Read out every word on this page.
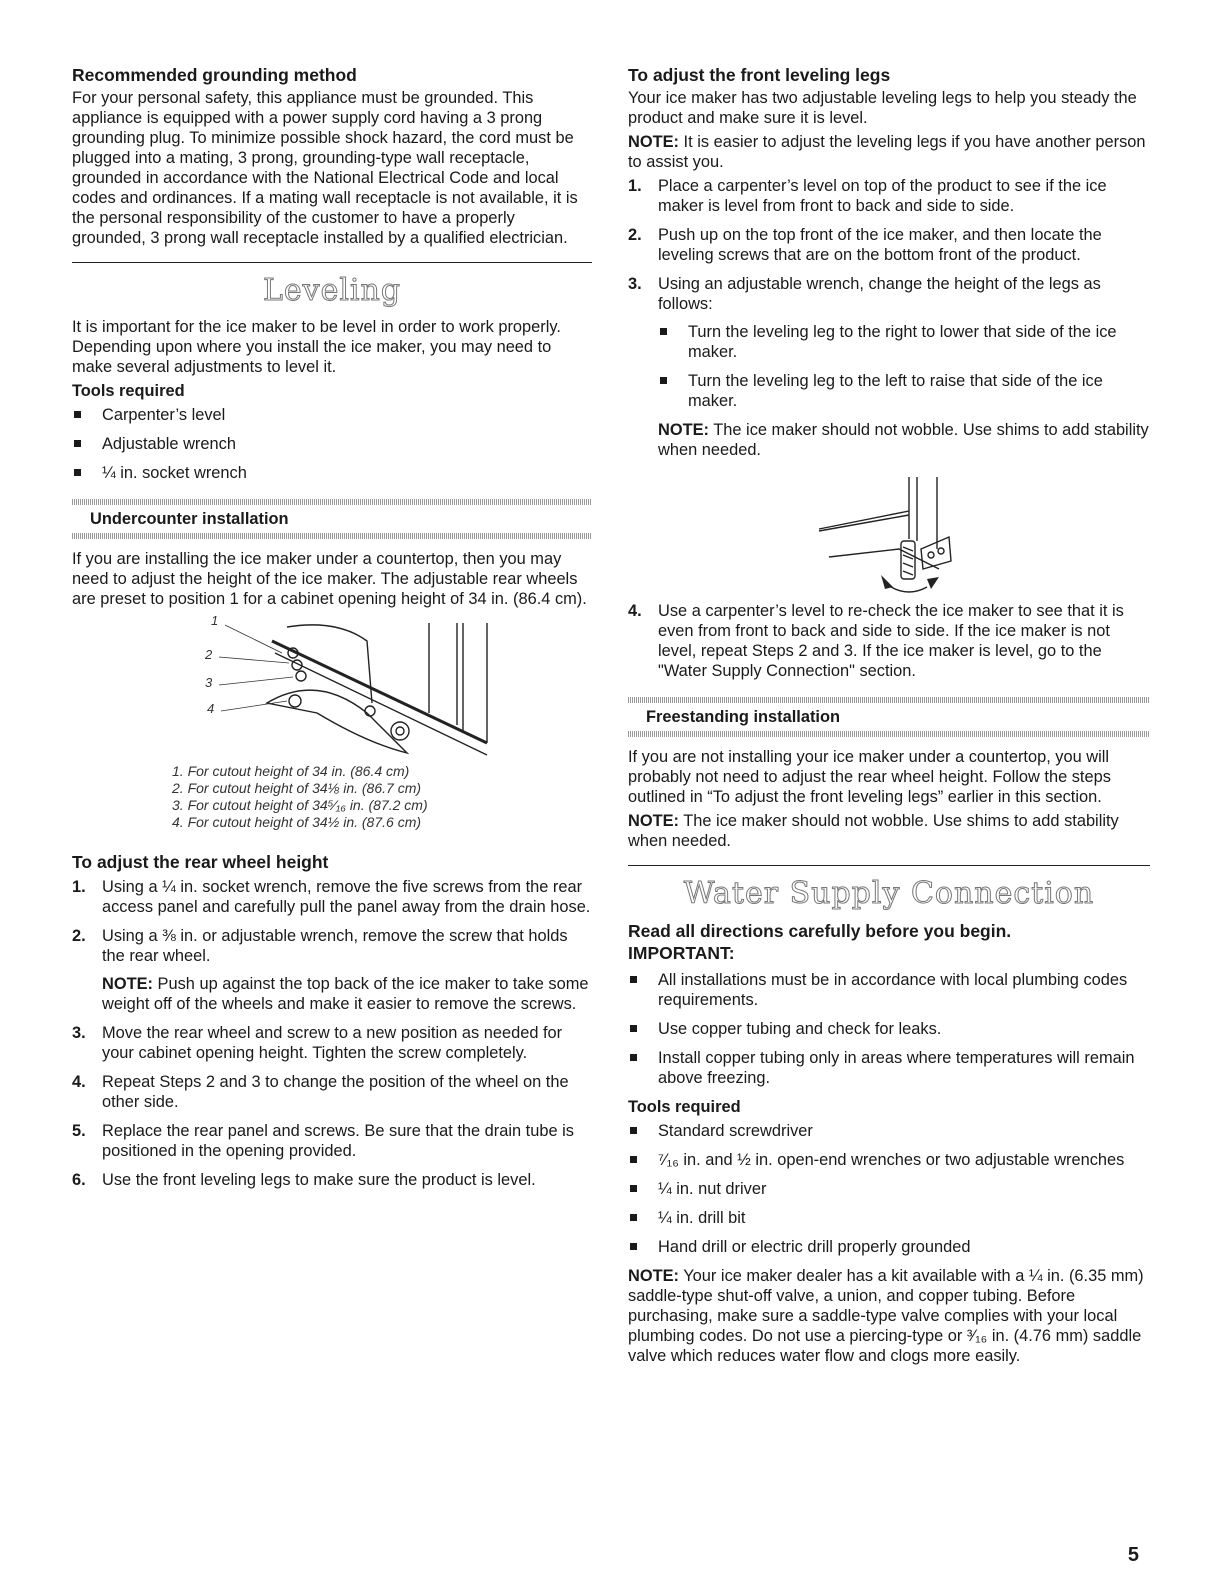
Recommended grounding method

For your personal safety, this appliance must be grounded. This appliance is equipped with a power supply cord having a 3 prong grounding plug. To minimize possible shock hazard, the cord must be plugged into a mating, 3 prong, grounding-type wall receptacle, grounded in accordance with the National Electrical Code and local codes and ordinances. If a mating wall receptacle is not available, it is the personal responsibility of the customer to have a properly grounded, 3 prong wall receptacle installed by a qualified electrician.

Leveling

It is important for the ice maker to be level in order to work properly. Depending upon where you install the ice maker, you may need to make several adjustments to level it.

Tools required
Carpenter’s level
Adjustable wrench
¼ in. socket wrench
Undercounter installation

If you are installing the ice maker under a countertop, then you may need to adjust the height of the ice maker. The adjustable rear wheels are preset to position 1 for a cabinet opening height of 34 in. (86.4 cm).

1
2
3
4

1. For cutout height of 34 in. (86.4 cm)

2. For cutout height of 34⅛ in. (86.7 cm)

3. For cutout height of 34⁵⁄₁₆ in. (87.2 cm)

4. For cutout height of 34½ in. (87.6 cm)

To adjust the rear wheel height
1. Using a ¼ in. socket wrench, remove the five screws from the rear access panel and carefully pull the panel away from the drain hose.
2. Using a ⅜ in. or adjustable wrench, remove the screw that holds the rear wheel.

NOTE: Push up against the top back of the ice maker to take some weight off of the wheels and make it easier to remove the screws.

3. Move the rear wheel and screw to a new position as needed for your cabinet opening height. Tighten the screw completely.
4. Repeat Steps 2 and 3 to change the position of the wheel on the other side.
5. Replace the rear panel and screws. Be sure that the drain tube is positioned in the opening provided.
6. Use the front leveling legs to make sure the product is level.
To adjust the front leveling legs

Your ice maker has two adjustable leveling legs to help you steady the product and make sure it is level.

NOTE: It is easier to adjust the leveling legs if you have another person to assist you.

1. Place a carpenter’s level on top of the product to see if the ice maker is level from front to back and side to side.
2. Push up on the top front of the ice maker, and then locate the leveling screws that are on the bottom front of the product.
3. Using an adjustable wrench, change the height of the legs as follows:
Turn the leveling leg to the right to lower that side of the ice maker.
Turn the leveling leg to the left to raise that side of the ice maker.

NOTE: The ice maker should not wobble. Use shims to add stability when needed.

4. Use a carpenter’s level to re-check the ice maker to see that it is even from front to back and side to side. If the ice maker is not level, repeat Steps 2 and 3. If the ice maker is level, go to the "Water Supply Connection" section.
Freestanding installation

If you are not installing your ice maker under a countertop, you will probably not need to adjust the rear wheel height. Follow the steps outlined in “To adjust the front leveling legs” earlier in this section.

NOTE: The ice maker should not wobble. Use shims to add stability when needed.

Water Supply Connection

Read all directions carefully before you begin.

IMPORTANT:

All installations must be in accordance with local plumbing codes requirements.
Use copper tubing and check for leaks.
Install copper tubing only in areas where temperatures will remain above freezing.
Tools required
Standard screwdriver
⁷⁄₁₆ in. and ½ in. open-end wrenches or two adjustable wrenches
¼ in. nut driver
¼ in. drill bit
Hand drill or electric drill properly grounded

NOTE: Your ice maker dealer has a kit available with a ¼ in. (6.35 mm) saddle-type shut-off valve, a union, and copper tubing. Before purchasing, make sure a saddle-type valve complies with your local plumbing codes. Do not use a piercing-type or ³⁄₁₆ in. (4.76 mm) saddle valve which reduces water flow and clogs more easily.

5
